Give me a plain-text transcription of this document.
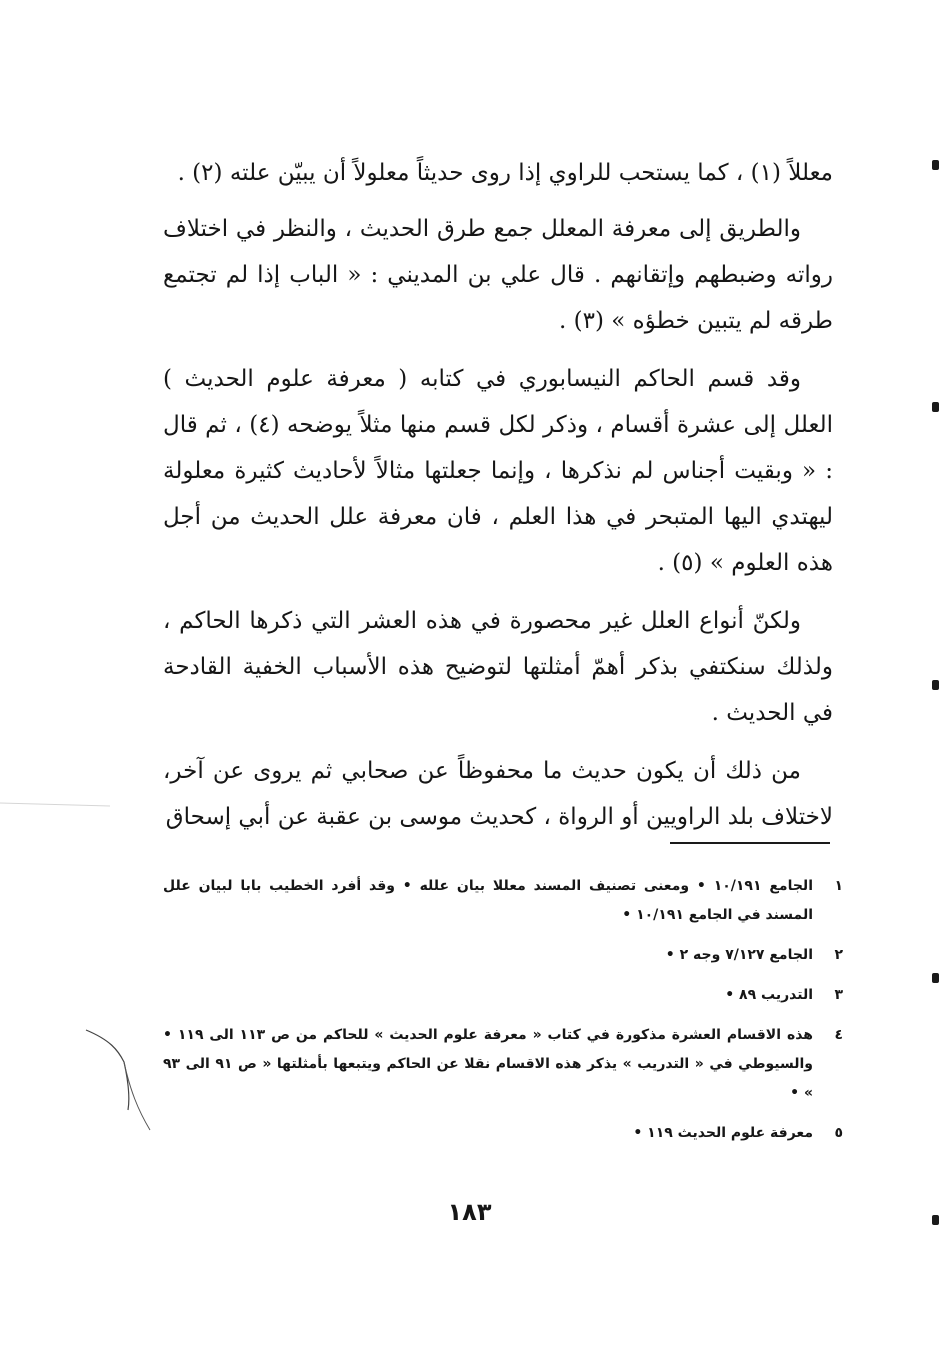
معللاً (١) ، كما يستحب للراوي إذا روى حديثاً معلولاً أن يبيّن علته (٢) .

والطريق إلى معرفة المعلل جمع طرق الحديث ، والنظر في اختلاف رواته وضبطهم وإتقانهم . قال علي بن المديني : « الباب إذا لم تجتمع طرقه لم يتبين خطؤه » (٣) .

وقد قسم الحاكم النيسابوري في كتابه ( معرفة علوم الحديث ) العلل إلى عشرة أقسام ، وذكر لكل قسم منها مثلاً يوضحه (٤) ، ثم قال : « وبقيت أجناس لم نذكرها ، وإنما جعلتها مثالاً لأحاديث كثيرة معلولة ليهتدي اليها المتبحر في هذا العلم ، فان معرفة علل الحديث من أجل هذه العلوم » (٥) .

ولكنّ أنواع العلل غير محصورة في هذه العشر التي ذكرها الحاكم ، ولذلك سنكتفي بذكر أهمّ أمثلتها لتوضيح هذه الأسباب الخفية القادحة في الحديث .

من ذلك أن يكون حديث ما محفوظاً عن صحابي ثم يروى عن آخر، لاختلاف بلد الراويين أو الرواة ، كحديث موسى بن عقبة عن أبي إسحاق

١
الجامع ١٠/١٩١ • ومعنى تصنيف المسند معللا بيان علله • وقد أفرد الخطيب بابا لبيان علل المسند في الجامع ١٠/١٩١ •
٢
الجامع ٧/١٢٧ وجه ٢ •
٣
التدريب ٨٩ •
٤
هذه الاقسام العشرة مذكورة في كتاب « معرفة علوم الحديث » للحاكم من ص ١١٣ الى ١١٩ • والسيوطي في « التدريب » يذكر هذه الاقسام نقلا عن الحاكم ويتبعها بأمثلتها « ص ٩١ الى ٩٣ » •
٥
معرفة علوم الحديث ١١٩ •
١٨٣
